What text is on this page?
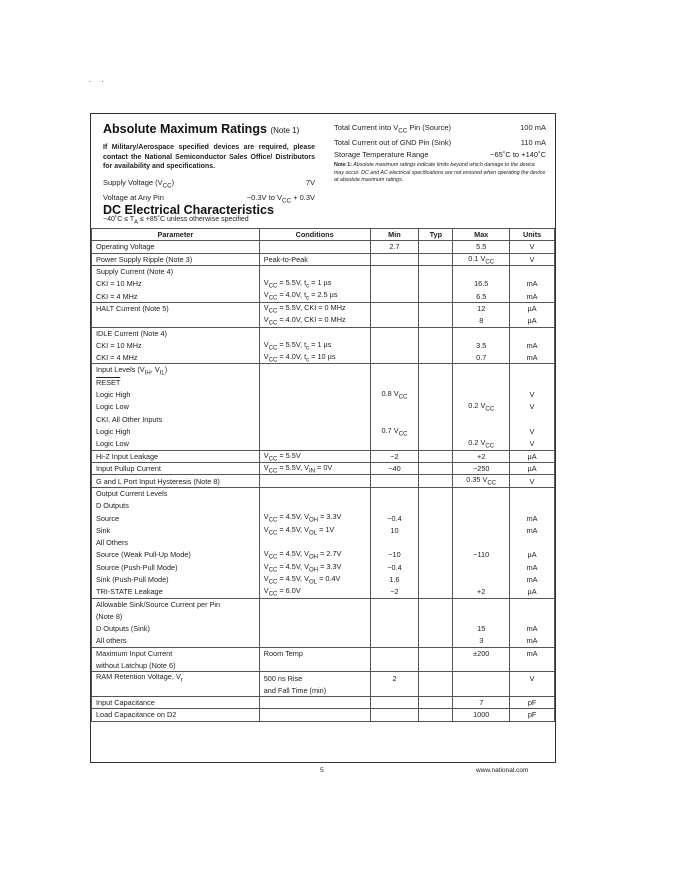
. .
Absolute Maximum Ratings (Note 1)
If Military/Aerospace specified devices are required, please contact the National Semiconductor Sales Office/ Distributors for availability and specifications.
Supply Voltage $(V_{CC})$	7V
Voltage at Any Pin	−0.3V to $V_{CC} + 0.3V$
Total Current into $V_{CC}$ Pin (Source)	100 mA
Total Current out of GND Pin (Sink)	110 mA
Storage Temperature Range	−65˚C to +140˚C
Note 1: Absolute maximum ratings indicate limits beyond which damage to the device may occur. DC and AC electrical specifications are not ensured when operating the device at absolute maximum ratings.
DC Electrical Characteristics
−40˚C ≤ $T_A$ ≤ +85˚C unless otherwise specified
Parameter	Conditions	Min	Typ	Max	Units
Operating Voltage		2.7		5.5	V
Power Supply Ripple (Note 3)	Peak-to-Peak			0.1 $V_{CC}$	V
Supply Current (Note 4)					
CKI = 10 MHz	$V_{CC} = 5.5V$, $t_c = 1$ µs			16.5	mA
CKI = 4 MHz	$V_{CC} = 4.0V$, $t_c = 2.5$ µs			6.5	mA
HALT Current (Note 5)	$V_{CC} = 5.5V$, CKI = 0 MHz			12	µA
	$V_{CC} = 4.0V$, CKI = 0 MHz			8	µA
IDLE Current (Note 4)					
CKI = 10 MHz	$V_{CC} = 5.5V$, $t_c = 1$ µs			3.5	mA
CKI = 4 MHz	$V_{CC} = 4.0V$, $t_c = 10$ µs			0.7	mA
Input Levels ($V_{IH}$, $V_{IL}$)					
RESET					
Logic High		0.8 $V_{CC}$			V
Logic Low				0.2 $V_{CC}$	V
CKI, All Other Inputs					
Logic High		0.7 $V_{CC}$			V
Logic Low				0.2 $V_{CC}$	V
Hi-Z Input Leakage	$V_{CC} = 5.5V$	−2		+2	µA
Input Pullup Current	$V_{CC} = 5.5V$, $V_{IN} = 0V$	−40		−250	µA
G and L Port Input Hysteresis (Note 8)				0.35 $V_{CC}$	V
Output Current Levels					
D Outputs					
Source	$V_{CC} = 4.5V$, $V_{OH} = 3.3V$	−0.4			mA
Sink	$V_{CC} = 4.5V$, $V_{OL} = 1V$	10			mA
All Others					
Source (Weak Pull-Up Mode)	$V_{CC} = 4.5V$, $V_{OH} = 2.7V$	−10		−110	µA
Source (Push-Pull Mode)	$V_{CC} = 4.5V$, $V_{OH} = 3.3V$	−0.4			mA
Sink (Push-Pull Mode)	$V_{CC} = 4.5V$, $V_{OL} = 0.4V$	1.6			mA
TRI-STATE Leakage	$V_{CC} = 6.0V$	−2		+2	µA
Allowable Sink/Source Current per Pin					
(Note 8)					
D Outputs (Sink)				15	mA
All others				3	mA
Maximum Input Current	Room Temp			±200	mA
without Latchup (Note 6)					
RAM Retention Voltage, $V_r$	500 ns Rise	2			V
	and Fall Time (min)				
Input Capacitance				7	pF
Load Capacitance on D2				1000	pF
5	www.national.com
